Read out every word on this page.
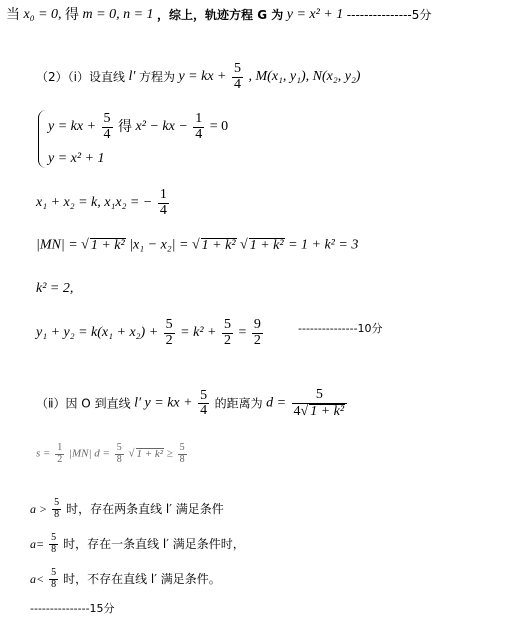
当 x₀ = 0, 得 m = 0, n = 1 ，综上，轨迹方程 G 为 y = x² + 1 ---------------5分
（2）（ⅰ）设直线 l′ 方程为 y = kx + $\frac{5}{4}$ , M(x₁, y₁), N(x₂, y₂)
y = kx + $\frac{5}{4}$ 得 x² − kx − $\frac{1}{4} = 0$
y = x² + 1
x₁ + x₂ = k, x₁x₂ = − $\frac{1}{4}$
|MN| = √ 1 + k² |x₁ − x₂| = √ 1 + k² √ 1 + k² = 1 + k² = 3
k² = 2,
$y_1 + y_2 = k(x_1 + x_2) + \frac{5}{2} = k^2 + \frac{5}{2} = \frac{9}{2}$	---------------10分
（ⅱ）因 O 到直线 l′ y = kx + $\frac{5}{4}$ 的距离为 $d = \frac{5}{\text{4√ 1 + k²}}$
$s = \frac{1}{2} |MN|$ $d = \frac{5}{8}$ √ $1 + k^2 \ge \frac{5}{8}$
$a > \frac{5}{8}$ 时，存在两条直线 l′ 满足条件
$a= \frac{5}{8}$ 时，存在一条直线 l′ 满足条件时，
$a< \frac{5}{8}$ 时，不存在直线 l′ 满足条件。
---------------15分
